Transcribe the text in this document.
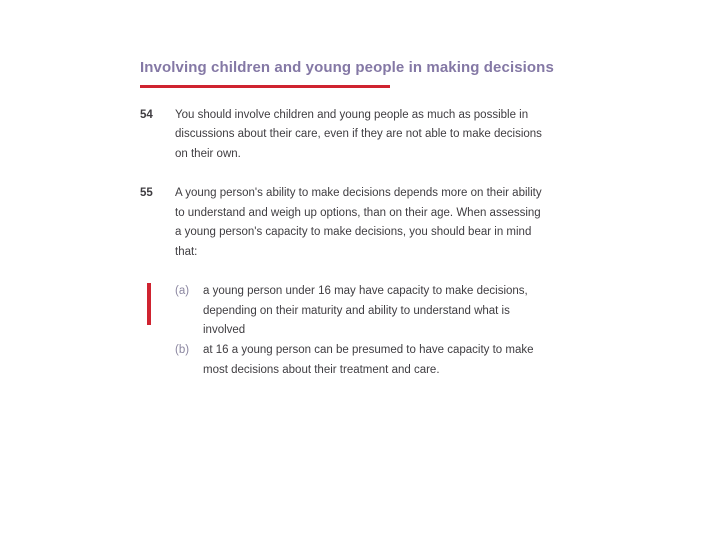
Involving children and young people in making decisions
54	You should involve children and young people as much as possible in discussions about their care, even if they are not able to make decisions on their own.
55	A young person's ability to make decisions depends more on their ability to understand and weigh up options, than on their age. When assessing a young person's capacity to make decisions, you should bear in mind that:
(a)	a young person under 16 may have capacity to make decisions, depending on their maturity and ability to understand what is involved
(b)	at 16 a young person can be presumed to have capacity to make most decisions about their treatment and care.
